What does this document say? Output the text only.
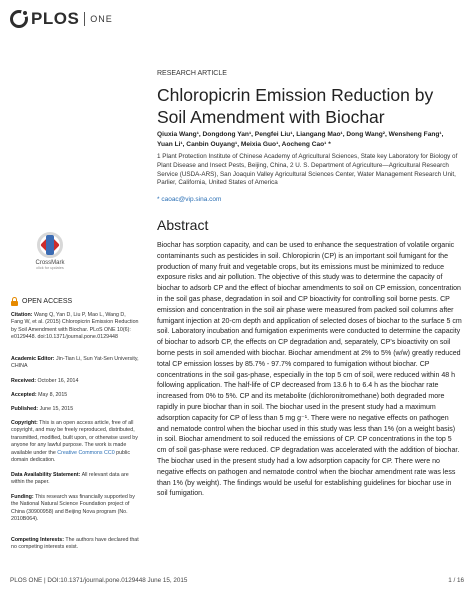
PLOS ONE
RESEARCH ARTICLE
Chloropicrin Emission Reduction by Soil Amendment with Biochar
Qiuxia Wang¹, Dongdong Yan¹, Pengfei Liu¹, Liangang Mao¹, Dong Wang², Wensheng Fang¹, Yuan Li¹, Canbin Ouyang¹, Meixia Guo¹, Aocheng Cao¹ *
1 Plant Protection Institute of Chinese Academy of Agricultural Sciences, State key Laboratory for Biology of Plant Disease and Insect Pests, Beijing, China, 2 U. S. Department of Agriculture—Agricultural Research Service (USDA-ARS), San Joaquin Valley Agricultural Sciences Center, Water Management Research Unit, Parlier, California, United States of America
* caoac@vip.sina.com
CrossMark
click for updates
OPEN ACCESS
Citation: Wang Q, Yan D, Liu P, Mao L, Wang D, Fang W, et al. (2015) Chloropicrin Emission Reduction by Soil Amendment with Biochar. PLoS ONE 10(6): e0129448. doi:10.1371/journal.pone.0129448
Academic Editor: Jin-Tian Li, Sun Yat-Sen University, CHINA
Received: October 16, 2014
Accepted: May 8, 2015
Published: June 15, 2015
Copyright: This is an open access article, free of all copyright, and may be freely reproduced, distributed, transmitted, modified, built upon, or otherwise used by anyone for any lawful purpose. The work is made available under the Creative Commons CC0 public domain dedication.
Data Availability Statement: All relevant data are within the paper.
Funding: This research was financially supported by the National Natural Science Foundation project of China (30900958) and Beijing Nova program (No. 2010B064).
Competing Interests: The authors have declared that no competing interests exist.
Abstract
Biochar has sorption capacity, and can be used to enhance the sequestration of volatile organic contaminants such as pesticides in soil. Chloropicrin (CP) is an important soil fumigant for the production of many fruit and vegetable crops, but its emissions must be minimized to reduce exposure risks and air pollution. The objective of this study was to determine the capacity of biochar to adsorb CP and the effect of biochar amendments to soil on CP emission, concentration in the soil gas phase, degradation in soil and CP bioactivity for controlling soil borne pests. CP emission and concentration in the soil air phase were measured from packed soil columns after fumigant injection at 20-cm depth and application of selected doses of biochar to the surface 5 cm soil. Laboratory incubation and fumigation experiments were conducted to determine the capacity of biochar to adsorb CP, the effects on CP degradation and, separately, CP's bioactivity on soil borne pests in soil amended with biochar. Biochar amendment at 2% to 5% (w/w) greatly reduced total CP emission losses by 85.7% - 97.7% compared to fumigation without biochar. CP concentrations in the soil gas-phase, especially in the top 5 cm of soil, were reduced within 48 h following application. The half-life of CP decreased from 13.6 h to 6.4 h as the biochar rate increased from 0% to 5%. CP and its metabolite (dichloronitromethane) both degraded more rapidly in pure biochar than in soil. The biochar used in the present study had a maximum adsorption capacity for CP of less than 5 mg g⁻¹. There were no negative effects on pathogen and nematode control when the biochar used in this study was less than 1% (on a weight basis) in soil. Biochar amendment to soil reduced the emissions of CP. CP concentrations in the top 5 cm of soil gas-phase were reduced. CP degradation was accelerated with the addition of biochar. The biochar used in the present study had a low adsorption capacity for CP. There were no negative effects on pathogen and nematode control when the biochar amendment rate was less than 1% (by weight). The findings would be useful for establishing guidelines for biochar use in soil fumigation.
PLOS ONE | DOI:10.1371/journal.pone.0129448 June 15, 2015	1 / 16
